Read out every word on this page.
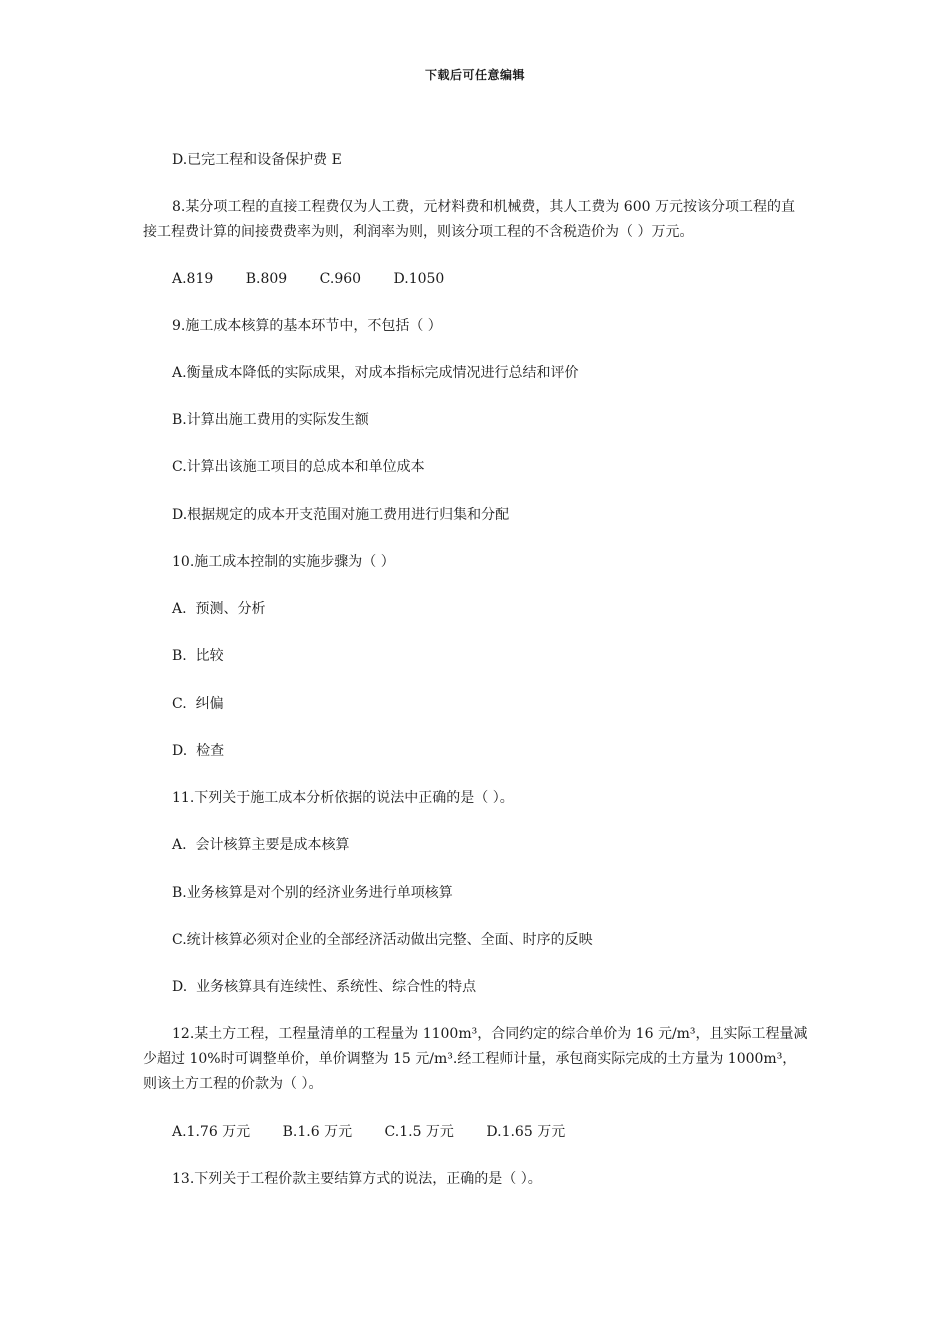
下载后可任意编辑
D.已完工程和设备保护费 E
8.某分项工程的直接工程费仅为人工费，元材料费和机械费，其人工费为 600 万元按该分项工程的直接工程费计算的间接费费率为则，利润率为则，则该分项工程的不含税造价为（ ）万元。
A.819 B.809 C.960 D.1050
9.施工成本核算的基本环节中，不包括（ ）
A.衡量成本降低的实际成果，对成本指标完成情况进行总结和评价
B.计算出施工费用的实际发生额
C.计算出该施工项目的总成本和单位成本
D.根据规定的成本开支范围对施工费用进行归集和分配
10.施工成本控制的实施步骤为（ ）
A.  预测、分析
B.  比较
C.  纠偏
D.  检查
11.下列关于施工成本分析依据的说法中正确的是（ ）。
A.  会计核算主要是成本核算
B.业务核算是对个别的经济业务进行单项核算
C.统计核算必须对企业的全部经济活动做出完整、全面、时序的反映
D.  业务核算具有连续性、系统性、综合性的特点
12.某土方工程，工程量清单的工程量为 1100m³，合同约定的综合单价为 16 元/m³，且实际工程量减少超过 10%时可调整单价，单价调整为 15 元/m³.经工程师计量，承包商实际完成的土方量为 1000m³，则该土方工程的价款为（ ）。
A.1.76 万元 B.1.6 万元 C.1.5 万元 D.1.65 万元
13.下列关于工程价款主要结算方式的说法，正确的是（ ）。
